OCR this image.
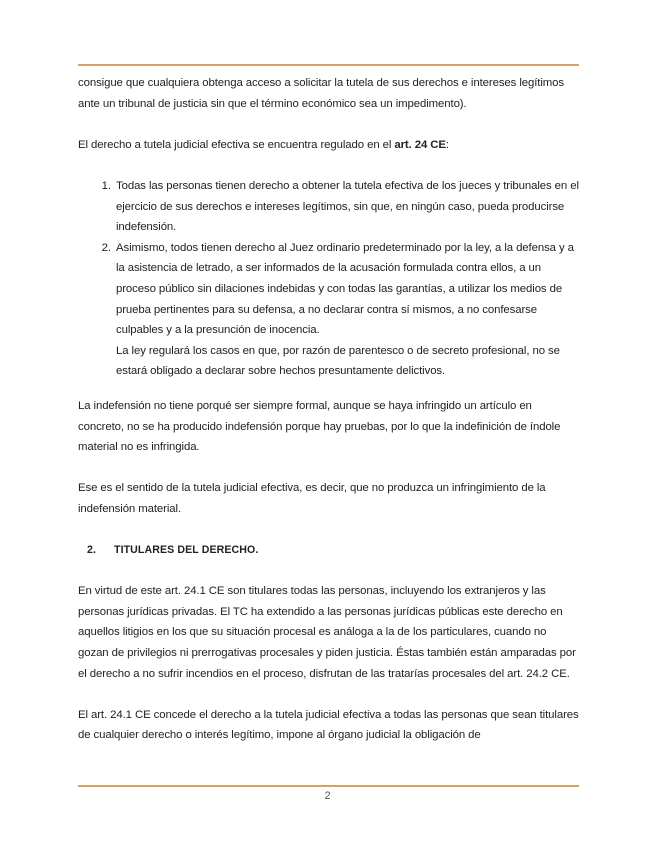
consigue que cualquiera obtenga acceso a solicitar la tutela de sus derechos e intereses legítimos ante un tribunal de justicia sin que el término económico sea un impedimento).

El derecho a tutela judicial efectiva se encuentra regulado en el art. 24 CE:

1. Todas las personas tienen derecho a obtener la tutela efectiva de los jueces y tribunales en el ejercicio de sus derechos e intereses legítimos, sin que, en ningún caso, pueda producirse indefensión.
2. Asimismo, todos tienen derecho al Juez ordinario predeterminado por la ley, a la defensa y a la asistencia de letrado, a ser informados de la acusación formulada contra ellos, a un proceso público sin dilaciones indebidas y con todas las garantías, a utilizar los medios de prueba pertinentes para su defensa, a no declarar contra sí mismos, a no confesarse culpables y a la presunción de inocencia.
La ley regulará los casos en que, por razón de parentesco o de secreto profesional, no se estará obligado a declarar sobre hechos presuntamente delictivos.

La indefensión no tiene porqué ser siempre formal, aunque se haya infringido un artículo en concreto, no se ha producido indefensión porque hay pruebas, por lo que la indefinición de índole material no es infringida.

Ese es el sentido de la tutela judicial efectiva, es decir, que no produzca un infringimiento de la indefensión material.

2. TITULARES DEL DERECHO.

En virtud de este art. 24.1 CE son titulares todas las personas, incluyendo los extranjeros y las personas jurídicas privadas. El TC ha extendido a las personas jurídicas públicas este derecho en aquellos litigios en los que su situación procesal es análoga a la de los particulares, cuando no gozan de privilegios ni prerrogativas procesales y piden justicia. Éstas también están amparadas por el derecho a no sufrir incendios en el proceso, disfrutan de las tratarías procesales del art. 24.2 CE.

El art. 24.1 CE concede el derecho a la tutela judicial efectiva a todas las personas que sean titulares de cualquier derecho o interés legítimo, impone al órgano judicial la obligación de

2
